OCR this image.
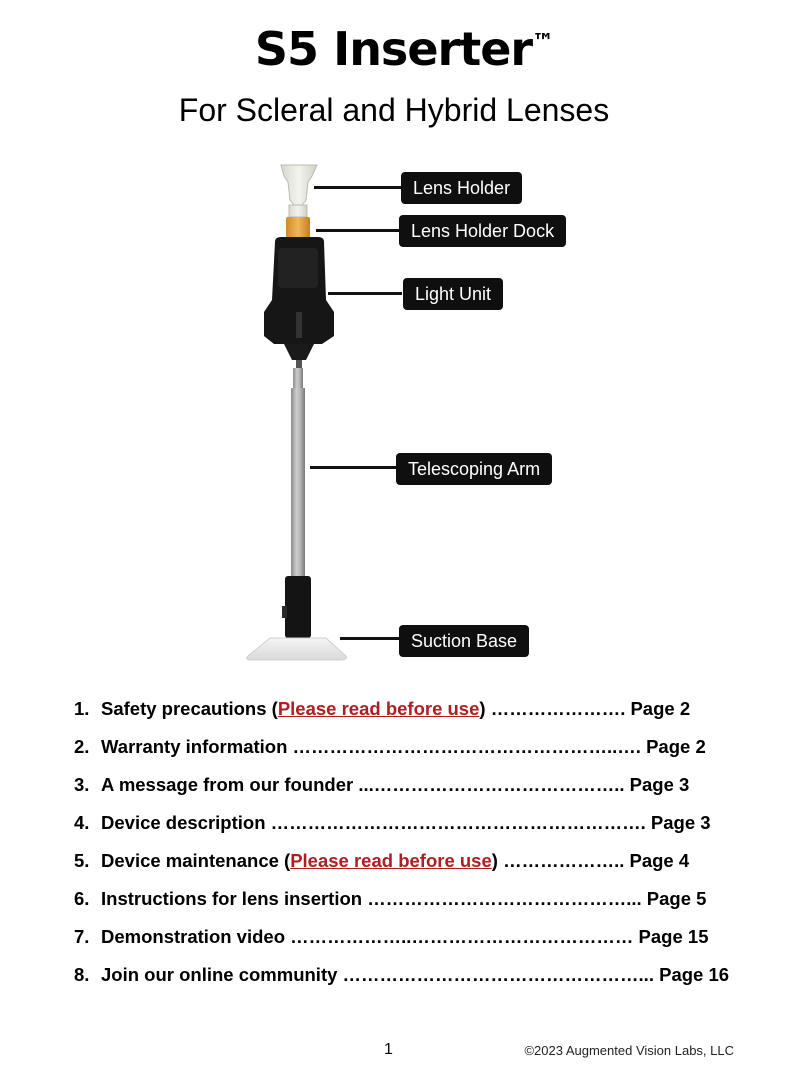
S5 Inserter™
For Scleral and Hybrid Lenses
Lens Holder
Lens Holder Dock
Light Unit
Telescoping Arm
Suction Base
1. Safety precautions (Please read before use) …………………. Page 2
2. Warranty information ……………………………………………..…. Page 2
3. A message from our founder ...………………………………….. Page 3
4. Device description ……………………………………………………. Page 3
5. Device maintenance (Please read before use) ……………….. Page 4
6. Instructions for lens insertion ……………………………………... Page 5
7. Demonstration video ………………..……………………………… Page 15
8. Join our online community …………………………………………... Page 16
1	©2023 Augmented Vision Labs, LLC
